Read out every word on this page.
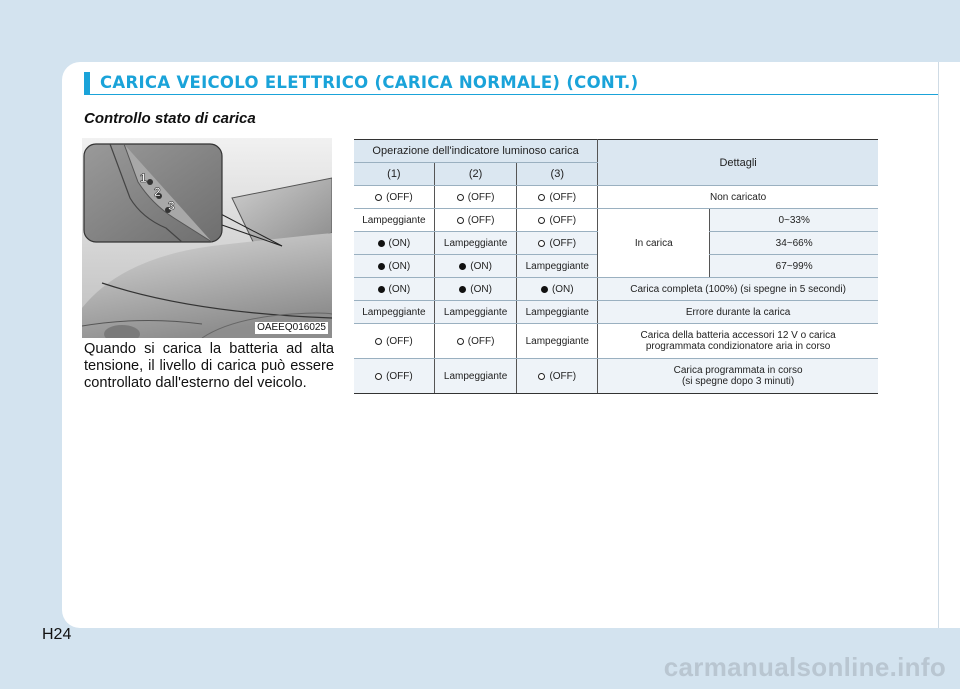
CARICA VEICOLO ELETTRICO (CARICA NORMALE) (CONT.)
Controllo stato di carica
1
2
3
OAEEQ016025
Quando si carica la batteria ad alta tensione, il livello di carica può essere controllato dall'esterno del veicolo.
Operazione dell'indicatore luminoso carica			Dettagli	
(1)	(2)	(3)		
(OFF)	(OFF)	(OFF)	Non caricato	
Lampeggiante	(OFF)	(OFF)	In carica	0~33%
(ON)	Lampeggiante	(OFF)		34~66%
(ON)	(ON)	Lampeggiante		67~99%
(ON)	(ON)	(ON)	Carica completa (100%) (si spegne in 5 secondi)	
Lampeggiante	Lampeggiante	Lampeggiante	Errore durante la carica	
(OFF)	(OFF)	Lampeggiante	Carica della batteria accessori 12 V o carica
programmata condizionatore aria in corso	

(OFF)	Lampeggiante	(OFF)	Carica programmata in corso
(si spegne dopo 3 minuti)	
H24
carmanualsonline.info
